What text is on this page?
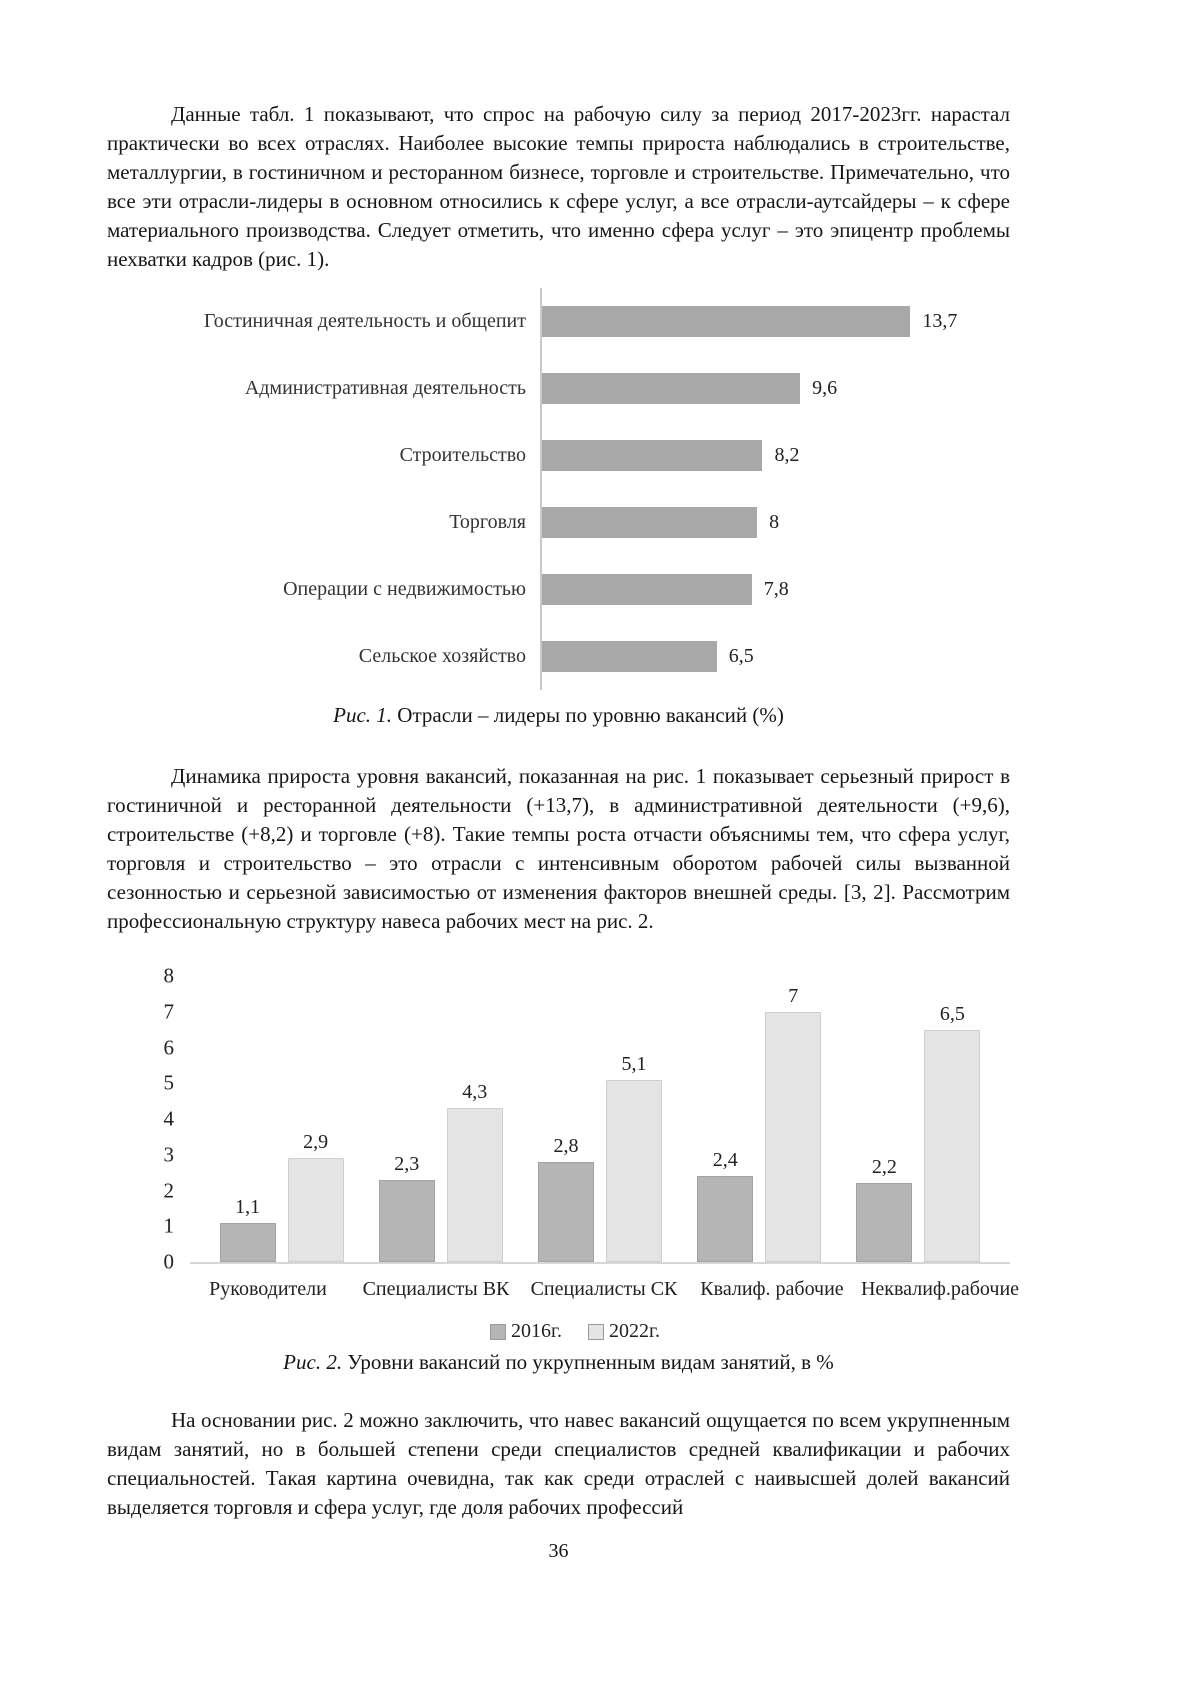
Данные табл. 1 показывают, что спрос на рабочую силу за период 2017-2023гг. нарастал практически во всех отраслях. Наиболее высокие темпы прироста наблюдались в строительстве, металлургии, в гостиничном и ресторанном бизнесе, торговле и строительстве. Примечательно, что все эти отрасли-лидеры в основном относились к сфере услуг, а все отрасли-аутсайдеры – к сфере материального производства. Следует отметить, что именно сфера услуг – это эпицентр проблемы нехватки кадров (рис. 1).
Гостиничная деятельность и общепит	13,7
Административная деятельность	9,6
Строительство	8,2
Торговля	8
Операции с недвижимостью	7,8
Сельское хозяйство	6,5
Рис. 1. Отрасли – лидеры по уровню вакансий (%)
Динамика прироста уровня вакансий, показанная на рис. 1 показывает серьезный прирост в гостиничной и ресторанной деятельности (+13,7), в административной деятельности (+9,6), строительстве (+8,2) и торговле (+8). Такие темпы роста отчасти объяснимы тем, что сфера услуг, торговля и строительство – это отрасли с интенсивным оборотом рабочей силы вызванной сезонностью и серьезной зависимостью от изменения факторов внешней среды. [3, 2]. Рассмотрим профессиональную структуру навеса рабочих мест на рис. 2.
8
7
6
5
4
3
2
1
0
1,1
2,9
2,3
4,3
2,8
5,1
2,4
7
2,2
6,5
Руководители	Специалисты ВК	Специалисты СК	Квалиф. рабочие Неквалиф.рабочие
2016г. 2022г.
Рис. 2. Уровни вакансий по укрупненным видам занятий, в %
На основании рис. 2 можно заключить, что навес вакансий ощущается по всем укрупненным видам занятий, но в большей степени среди специалистов средней квалификации и рабочих специальностей. Такая картина очевидна, так как среди отраслей с наивысшей долей вакансий выделяется торговля и сфера услуг, где доля рабочих профессий
36
